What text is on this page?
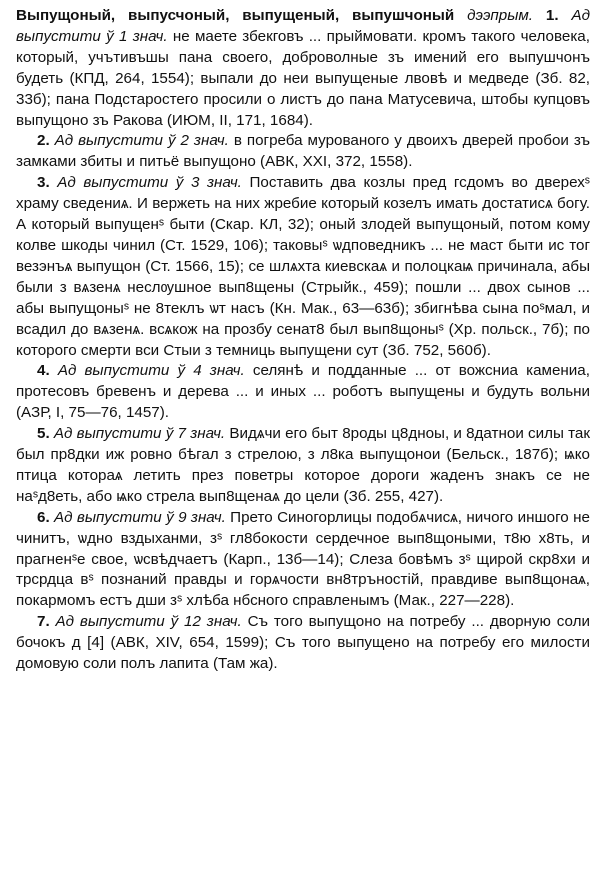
Выпущоный, выпусчоный, выпущеный, выпушчоный дээпрым. 1. Ад выпустити ў 1 знач. не маете збекговъ ... прыймовати. кромъ такого человека, который, учътивъшы пана своего, доброволные зъ имений его выпушчонъ будеть (КПД, 264, 1554); выпали до неи выпущеные лвовѣ и медведе (Зб. 82, 33б); пана Подстаростего просили о листъ до пана Матусевича, штобы купцовъ выпущоно зъ Ракова (ИЮМ, II, 171, 1684).
2. Ад выпустити ў 2 знач. в погреба мурованого у двоихъ дверей пробои зъ замками збиты и питьё выпущоно (АВК, XXI, 372, 1558).
3. Ад выпустити ў 3 знач. Поставить два козлы пред гсдомъ во дверехˢ храму сведениѧ. И вержеть на них жребие который козелъ имать достатисѧ богу. А который выпущенˢ быти (Скар. КЛ, 32); оный злодей выпущоный, потом кому колве шкоды чинил (Ст. 1529, 106); таковыˢ ѡдповедникъ ... не маст быти ис тог везэнъѧ выпущон (Ст. 1566, 15); се шлѧхта киевскаѧ и полоцкаѩ причинала, абы были з вѧзенѧ неслѹшное вып8щены (Стрыйк., 459); пошли ... двох сынов ... абы выпущоныˢ не 8теклъ ѡт насъ (Кн. Мак., 63—63б); збигнѣва сына поˢмал, и всадил до вѧзенѧ. всѧкож на прозбу сенат8 был вып8щоныˢ (Хр. польск., 7б); по которого смерти вси Стыи з темниць выпущени сут (Зб. 752, 560б).
4. Ад выпустити ў 4 знач. селянѣ и подданные ... от вожсниа камениа, протесовъ бревенъ и дерева ... и иных ... роботъ выпущены и будуть вольни (АЗР, I, 75—76, 1457).
5. Ад выпустити ў 7 знач. Видѧчи его быт 8роды ц8дноы, и 8датнои силы так был пр8дки иж ровно бѣгал з стрелою, з л8ка выпущонои (Бельск., 187б); ѩко птица котораѧ летить през поветры которое дороги жаденъ знакъ се не наˢд8еть, або ѩко стрела вып8щенаѧ до цели (Зб. 255, 427).
6. Ад выпустити ў 9 знач. Прето Синогорлицы подобѧчисѧ, ничого иншого не чинитъ, ѡдно вздыханми, зˢ гл8бокости сердечное вып8щоными, т8ю х8ть, и прагненˢе свое, ѡсвѣдчаетъ (Карп., 13б—14); Слеза бовѣмъ зˢ щирой скр8хи и трсрдца вˢ познаний правды и горѧчости вн8тръностій, правдиве вып8щонаѧ, покармомъ естъ дши зˢ хлѣба нбсного справленымъ (Мак., 227—228).
7. Ад выпустити ў 12 знач. Съ того выпущоно на потребу ... дворную соли бочокъ д [4] (АВК, XIV, 654, 1599); Съ того выпущено на потребу его милости домовую соли полъ лапита (Там жа).
